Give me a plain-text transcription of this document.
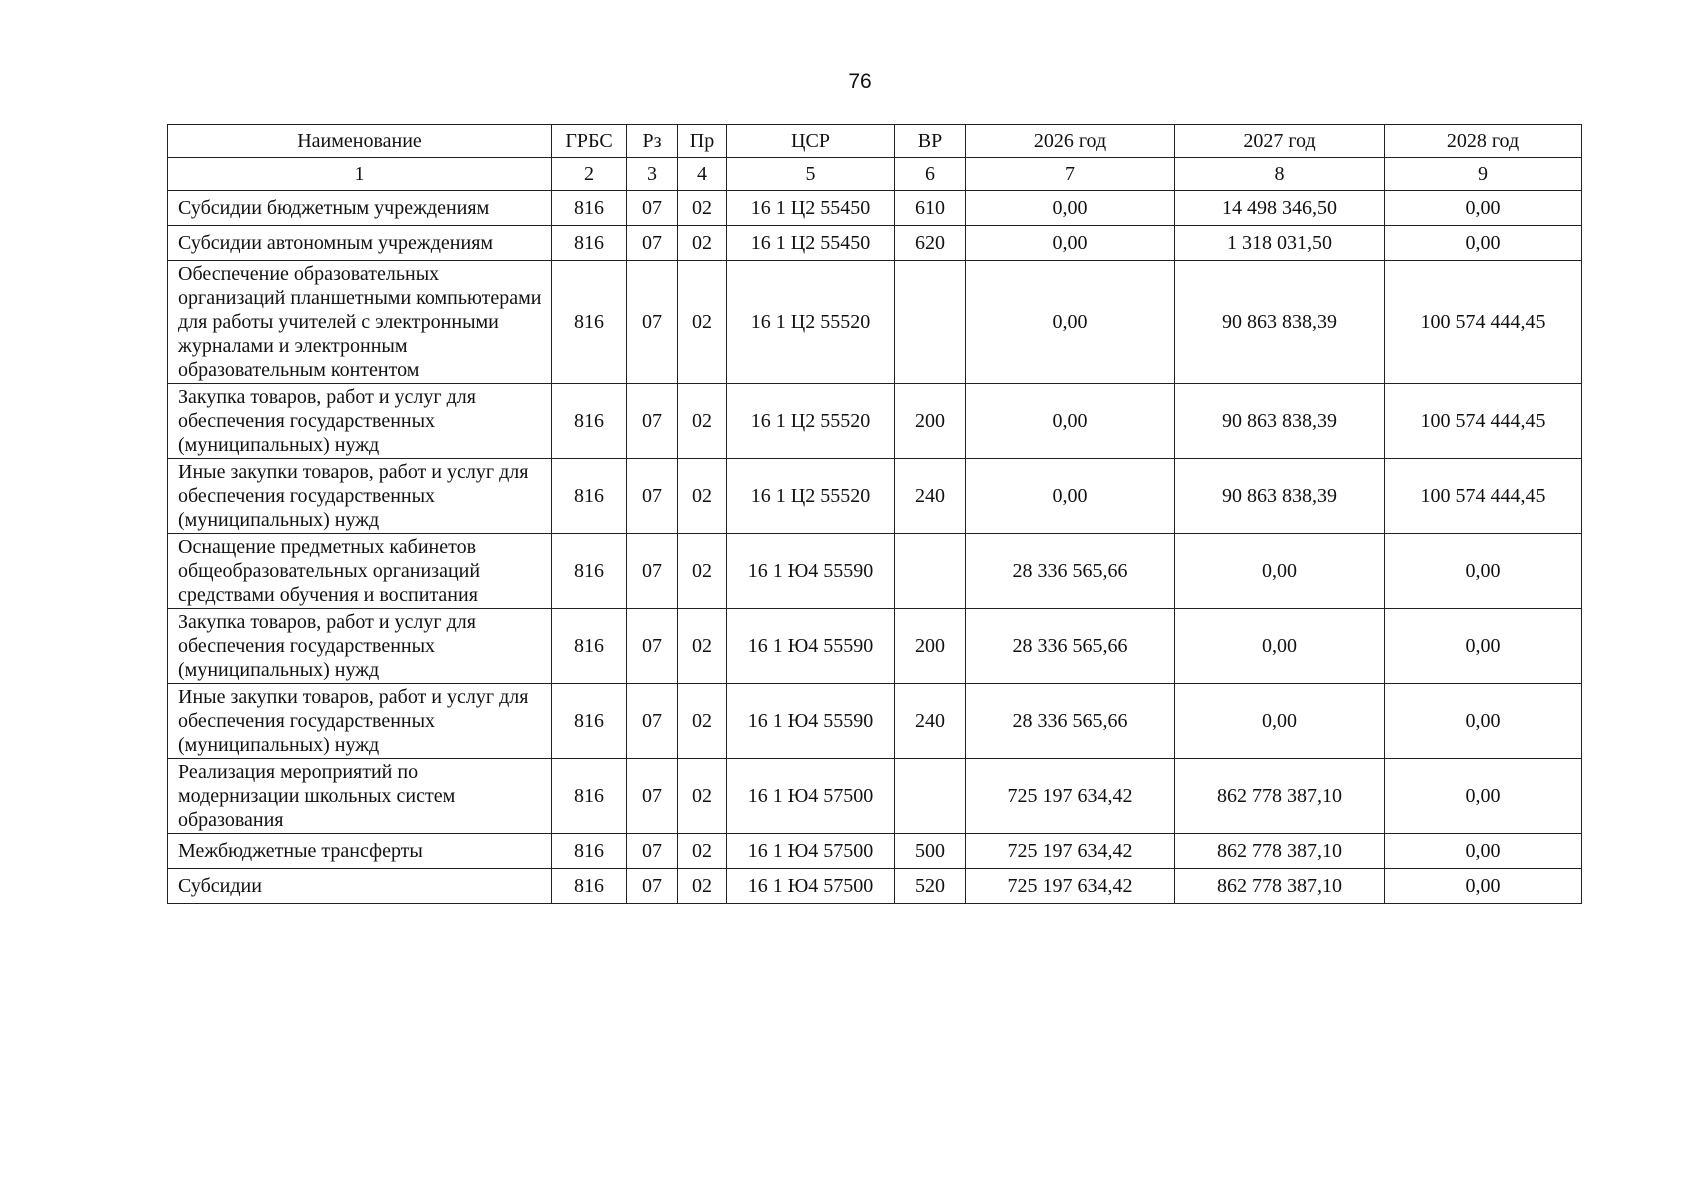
76
Наименование	ГРБС	Рз	Пр	ЦСР	ВР	2026 год	2027 год	2028 год
1	2	3	4	5	6	7	8	9
Субсидии бюджетным учреждениям	816	07	02	16 1 Ц2 55450	610	0,00	14 498 346,50	0,00
Субсидии автономным учреждениям	816	07	02	16 1 Ц2 55450	620	0,00	1 318 031,50	0,00
Обеспечение образовательных организаций планшетными компьютерами для работы учителей с электронными журналами и электронным образовательным контентом	816	07	02	16 1 Ц2 55520		0,00	90 863 838,39	100 574 444,45
Закупка товаров, работ и услуг для обеспечения государственных (муниципальных) нужд	816	07	02	16 1 Ц2 55520	200	0,00	90 863 838,39	100 574 444,45
Иные закупки товаров, работ и услуг для обеспечения государственных (муниципальных) нужд	816	07	02	16 1 Ц2 55520	240	0,00	90 863 838,39	100 574 444,45
Оснащение предметных кабинетов общеобразовательных организаций средствами обучения и воспитания	816	07	02	16 1 Ю4 55590		28 336 565,66	0,00	0,00
Закупка товаров, работ и услуг для обеспечения государственных (муниципальных) нужд	816	07	02	16 1 Ю4 55590	200	28 336 565,66	0,00	0,00
Иные закупки товаров, работ и услуг для обеспечения государственных (муниципальных) нужд	816	07	02	16 1 Ю4 55590	240	28 336 565,66	0,00	0,00
Реализация мероприятий по модернизации школьных систем образования	816	07	02	16 1 Ю4 57500		725 197 634,42	862 778 387,10	0,00
Межбюджетные трансферты	816	07	02	16 1 Ю4 57500	500	725 197 634,42	862 778 387,10	0,00
Субсидии	816	07	02	16 1 Ю4 57500	520	725 197 634,42	862 778 387,10	0,00
